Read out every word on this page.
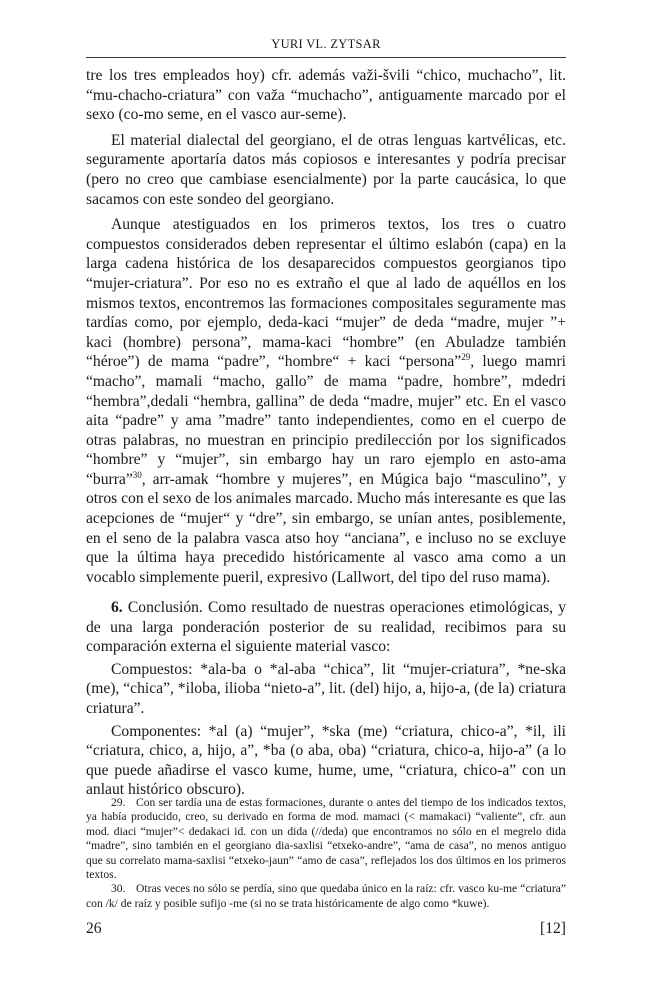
YURI VL. ZYTSAR

tre los tres empleados hoy) cfr. además važi-švili “chico, muchacho”, lit. “mu-chacho-criatura” con važa “muchacho”, antiguamente marcado por el sexo (co-mo seme, en el vasco aur-seme).

El material dialectal del georgiano, el de otras lenguas kartvélicas, etc. seguramente aportaría datos más copiosos e interesantes y podría precisar (pero no creo que cambiase esencialmente) por la parte caucásica, lo que sacamos con este sondeo del georgiano.

Aunque atestiguados en los primeros textos, los tres o cuatro compuestos considerados deben representar el último eslabón (capa) en la larga cadena histórica de los desaparecidos compuestos georgianos tipo “mujer-criatura”. Por eso no es extraño el que al lado de aquéllos en los mismos textos, encontremos las formaciones compositales seguramente mas tardías como, por ejemplo, deda-kaci “mujer” de deda “madre, mujer ”+ kaci (hombre) persona”, mama-kaci “hombre” (en Abuladze también “héroe”) de mama “padre”, “hombre“ + kaci “persona”$^{29}$, luego mamri “macho”, mamali “macho, gallo” de mama “padre, hombre”, mdedri “hembra”,dedali “hembra, gallina” de deda “madre, mujer” etc. En el vasco aita “padre” y ama ”madre” tanto independientes, como en el cuerpo de otras palabras, no muestran en principio predilección por los significados “hombre” y “mujer”, sin embargo hay un raro ejemplo en asto-ama “burra”$^{30}$, arr-amak “hombre y mujeres”, en Múgica bajo “masculino”, y otros con el sexo de los animales marcado. Mucho más interesante es que las acepciones de “mujer“ y “dre”, sin embargo, se unían antes, posiblemente, en el seno de la palabra vasca atso hoy “anciana”, e incluso no se excluye que la última haya precedido históricamente al vasco ama como a un vocablo simplemente pueril, expresivo (Lallwort, del tipo del ruso mama).

6. Conclusión. Como resultado de nuestras operaciones etimológicas, y de una larga ponderación posterior de su realidad, recibimos para su comparación externa el siguiente material vasco:

Compuestos: *ala-ba o *al-aba “chica”, lit “mujer-criatura”, *ne-ska (me), “chica”, *iloba, ilioba “nieto-a”, lit. (del) hijo, a, hijo-a, (de la) criatura criatura”.

Componentes: *al (a) “mujer”, *ska (me) “criatura, chico-a”, *il, ili “criatura, chico, a, hijo, a”, *ba (o aba, oba) “criatura, chico-a, hijo-a” (a lo que puede añadirse el vasco kume, hume, ume, “criatura, chico-a” con un anlaut histórico obscuro).

29. Con ser tardía una de estas formaciones, durante o antes del tiempo de los indicados textos, ya había producido, creo, su derivado en forma de mod. mamaci (< mamakaci) “valiente”, cfr. aun mod. diaci “mujer”< dedakaci id. con un dida (//deda) que encontramos no sólo en el megrelo dida “madre”, sino también en el georgiano dia-saxlisi “etxeko-andre”, “ama de casa”, no menos antiguo que su correlato mama-saxlisi “etxeko-jaun” “amo de casa”, reflejados los dos últimos en los primeros textos.

30. Otras veces no sólo se perdía, sino que quedaba único en la raíz: cfr. vasco ku-me “criatura” con /k/ de raíz y posible sufijo -me (si no se trata históricamente de algo como *kuwe).

26	[12]
